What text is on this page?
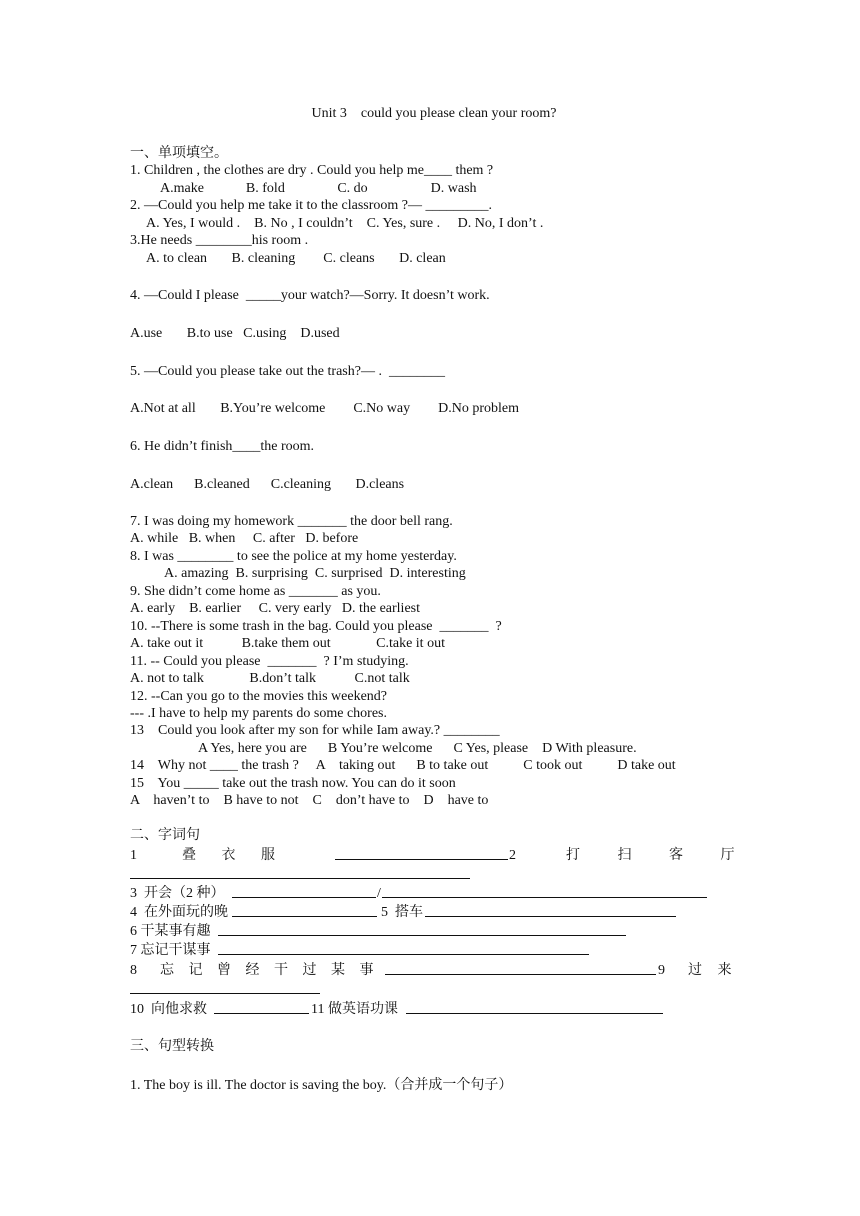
Unit 3    could you please clean your room?
一、单项填空。
1. Children , the clothes are dry . Could you help me____ them ?
A.make            B. fold               C. do                  D. wash
2. —Could you help me take it to the classroom ?— _________.
A. Yes, I would .    B. No , I couldn’t    C. Yes, sure .     D. No, I don’t .
3.He needs ________his room .
A. to clean       B. cleaning        C. cleans       D. clean
4. —Could I please  _____your watch?—Sorry. It doesn’t work.
A.use       B.to use   C.using    D.used
5. —Could you please take out the trash?— .  ________
A.Not at all       B.You’re welcome        C.No way        D.No problem
6. He didn’t finish____the room.
A.clean      B.cleaned      C.cleaning       D.cleans
7. I was doing my homework _______ the door bell rang.
A. while   B. when     C. after   D. before
8. I was ________ to see the police at my home yesterday.
A. amazing  B. surprising  C. surprised  D. interesting
9. She didn’t come home as _______ as you.
A. early    B. earlier     C. very early   D. the earliest
10. --There is some trash in the bag. Could you please  _______  ?
A. take out it           B.take them out             C.take it out
11. -- Could you please  _______  ? I’m studying.
A. not to talk             B.don’t talk           C.not talk
12. --Can you go to the movies this weekend?
--- .I have to help my parents do some chores.
13    Could you look after my son for while Iam away.? ________
A Yes, here you are      B You’re welcome      C Yes, please    D With pleasure.
14    Why not ____ the trash ?     A    taking out      B to take out          C took out          D take out
15    You _____ take out the trash now. You can do it soon
A    haven’t to    B have to not    C    don’t have to    D    have to
二、字词句
1	叠 衣 服	2	打 扫 客 厅
3  开会（2 种）	/
4  在外面玩的晚	5  搭车
6 干某事有趣
7 忘记干谋事
8 忘 记 曾 经 干 过 某 事	9 过 来
10  向他求救	11 做英语功课
三、句型转换
1. The boy is ill. The doctor is saving the boy.（合并成一个句子）
